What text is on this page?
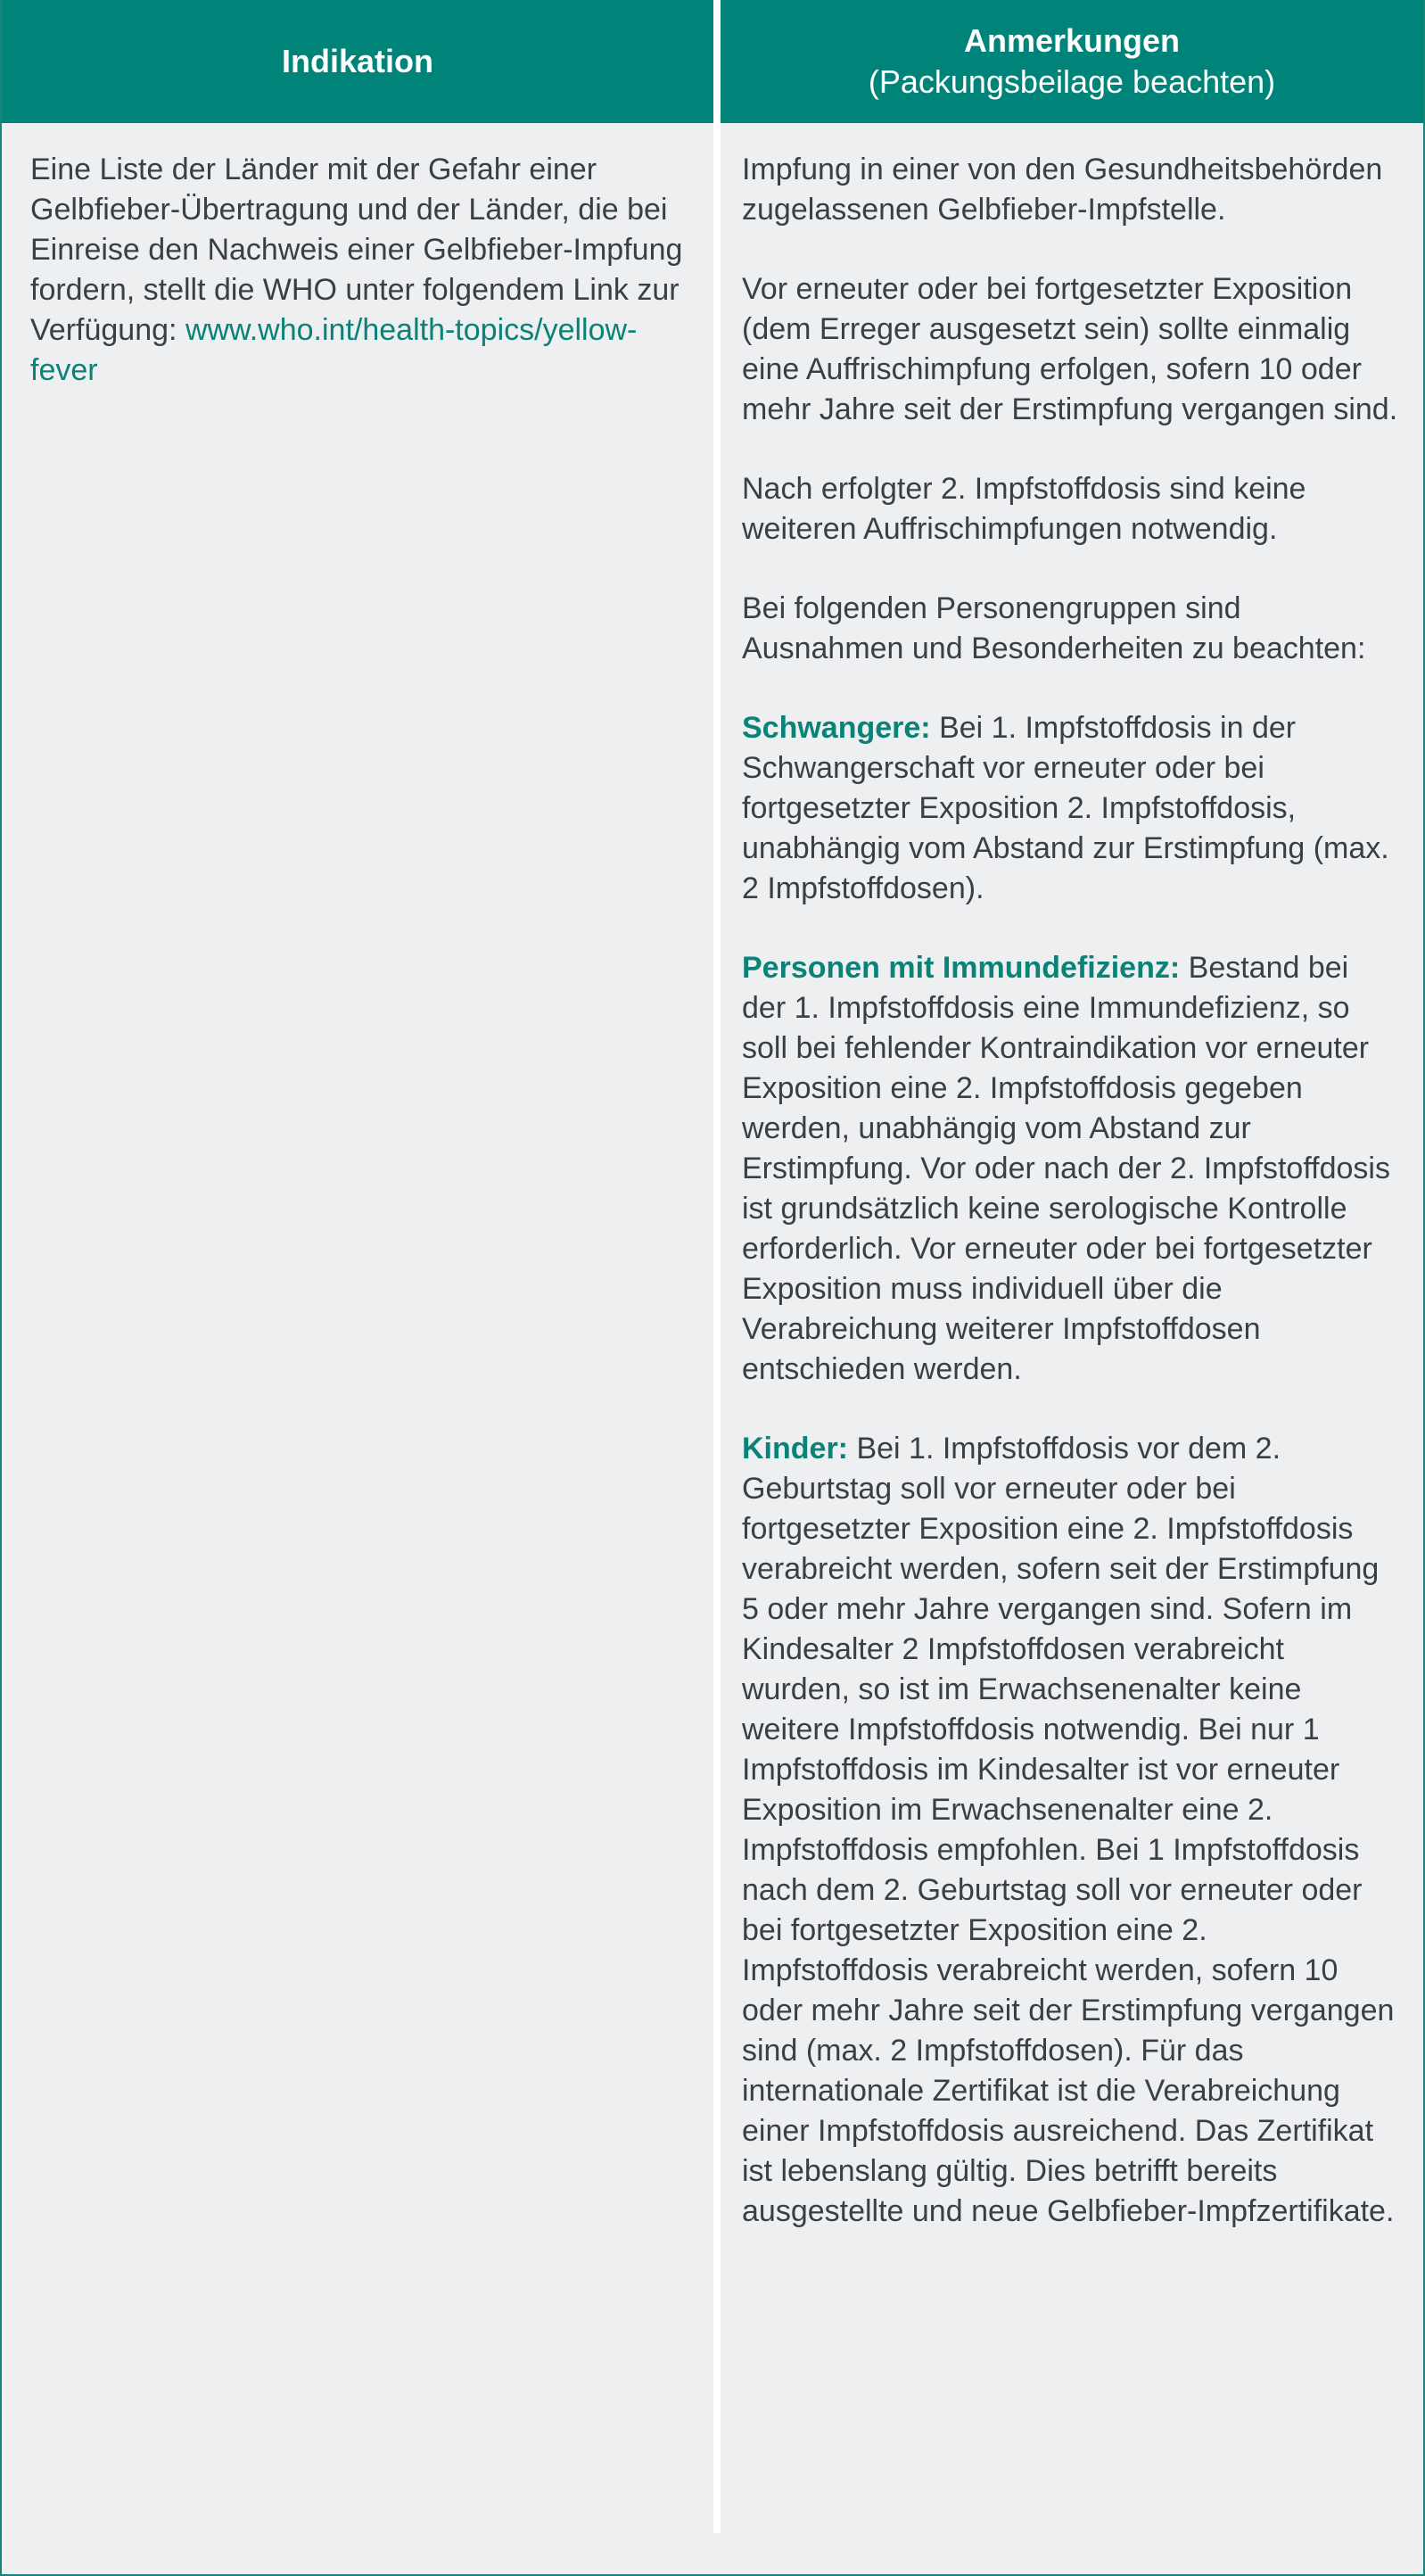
Indikation
Anmerkungen
(Packungsbeilage beachten)
Eine Liste der Länder mit der Gefahr einer Gelbfieber-Übertragung und der Länder, die bei Einreise den Nachweis einer Gelbfieber-Impfung fordern, stellt die WHO unter folgendem Link zur Verfügung: www.who.int/health-topics/yellow-fever

Impfung in einer von den Gesundheitsbehörden zugelassenen Gelbfieber-Impfstelle.

Vor erneuter oder bei fortgesetzter Exposition (dem Erreger ausgesetzt sein) sollte einmalig eine Auffrischimpfung erfolgen, sofern 10 oder mehr Jahre seit der Erstimpfung vergangen sind.

Nach erfolgter 2. Impfstoffdosis sind keine weiteren Auffrischimpfungen notwendig.

Bei folgenden Personengruppen sind Ausnahmen und Besonderheiten zu beachten:

Schwangere: Bei 1. Impfstoffdosis in der Schwangerschaft vor erneuter oder bei fortgesetzter Exposition 2. Impfstoffdosis, unabhängig vom Abstand zur Erstimpfung (max. 2 Impfstoffdosen).

Personen mit Immundefizienz: Bestand bei der 1. Impfstoffdosis eine Immundefizienz, so soll bei fehlender Kontraindikation vor erneuter Exposition eine 2. Impfstoffdosis gegeben werden, unabhängig vom Abstand zur Erstimpfung. Vor oder nach der 2. Impfstoffdosis ist grundsätzlich keine serologische Kontrolle erforderlich. Vor erneuter oder bei fortgesetzter Exposition muss individuell über die Verabreichung weiterer Impfstoffdosen entschieden werden.

Kinder: Bei 1. Impfstoffdosis vor dem 2. Geburtstag soll vor erneuter oder bei fortgesetzter Exposition eine 2. Impfstoffdosis verabreicht werden, sofern seit der Erstimpfung 5 oder mehr Jahre vergangen sind. Sofern im Kindesalter 2 Impfstoffdosen verabreicht wurden, so ist im Erwachsenenalter keine weitere Impfstoffdosis notwendig. Bei nur 1 Impfstoffdosis im Kindesalter ist vor erneuter Exposition im Erwachsenenalter eine 2. Impfstoffdosis empfohlen. Bei 1 Impfstoffdosis nach dem 2. Geburtstag soll vor erneuter oder bei fortgesetzter Exposition eine 2. Impfstoffdosis verabreicht werden, sofern 10 oder mehr Jahre seit der Erstimpfung vergangen sind (max. 2 Impfstoffdosen). Für das internationale Zertifikat ist die Verabreichung einer Impfstoffdosis ausreichend. Das Zertifikat ist lebenslang gültig. Dies betrifft bereits ausgestellte und neue Gelbfieber-Impfzertifikate.
